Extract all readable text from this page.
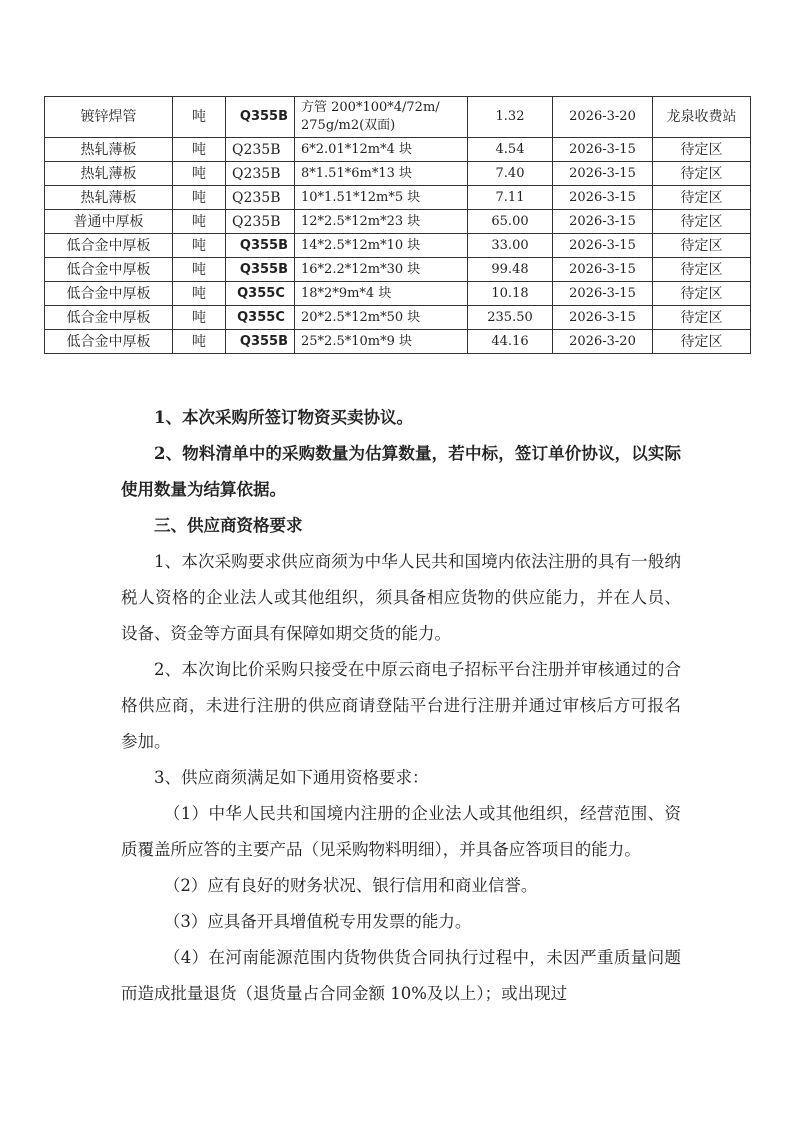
镀锌焊管	吨	Q355B	方管 200*100*4/72m/ 275g/m2(双面)	1.32	2026-3-20	龙泉收费站
热轧薄板	吨	Q235B	6*2.01*12m*4 块	4.54	2026-3-15	待定区
热轧薄板	吨	Q235B	8*1.51*6m*13 块	7.40	2026-3-15	待定区
热轧薄板	吨	Q235B	10*1.51*12m*5 块	7.11	2026-3-15	待定区
普通中厚板	吨	Q235B	12*2.5*12m*23 块	65.00	2026-3-15	待定区
低合金中厚板	吨	Q355B	14*2.5*12m*10 块	33.00	2026-3-15	待定区
低合金中厚板	吨	Q355B	16*2.2*12m*30 块	99.48	2026-3-15	待定区
低合金中厚板	吨	Q355C	18*2*9m*4 块	10.18	2026-3-15	待定区
低合金中厚板	吨	Q355C	20*2.5*12m*50 块	235.50	2026-3-15	待定区
低合金中厚板	吨	Q355B	25*2.5*10m*9 块	44.16	2026-3-20	待定区

1、本次采购所签订物资买卖协议。

2、物料清单中的采购数量为估算数量，若中标，签订单价协议，以实际使用数量为结算依据。

三、供应商资格要求

1、本次采购要求供应商须为中华人民共和国境内依法注册的具有一般纳税人资格的企业法人或其他组织，须具备相应货物的供应能力，并在人员、设备、资金等方面具有保障如期交货的能力。

2、本次询比价采购只接受在中原云商电子招标平台注册并审核通过的合格供应商，未进行注册的供应商请登陆平台进行注册并通过审核后方可报名参加。

3、供应商须满足如下通用资格要求：

（1）中华人民共和国境内注册的企业法人或其他组织，经营范围、资质覆盖所应答的主要产品（见采购物料明细），并具备应答项目的能力。

（2）应有良好的财务状况、银行信用和商业信誉。

（3）应具备开具增值税专用发票的能力。

（4）在河南能源范围内货物供货合同执行过程中，未因严重质量问题而造成批量退货（退货量占合同金额 10%及以上）；或出现过
